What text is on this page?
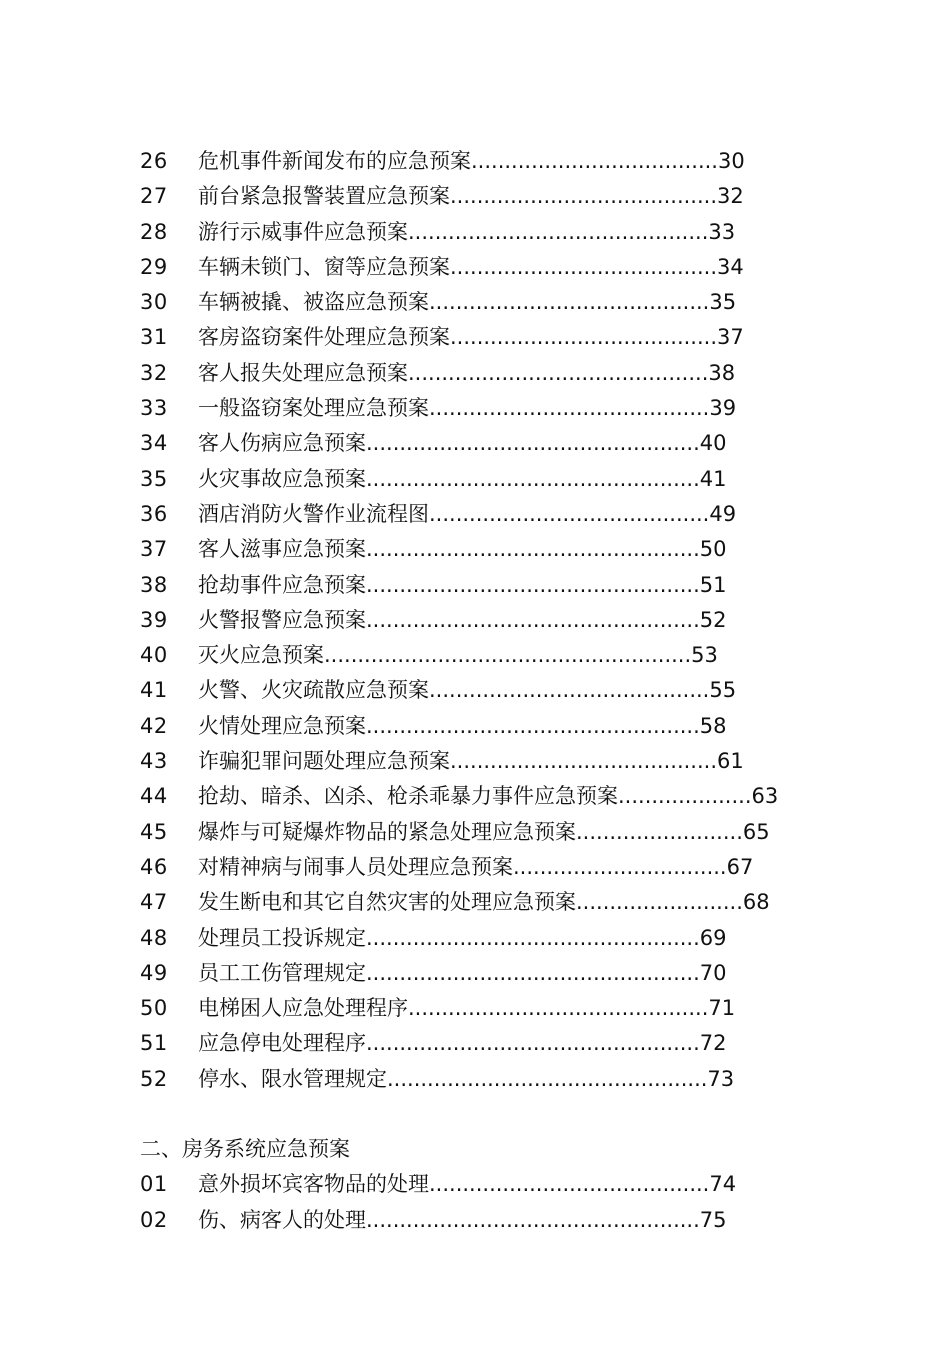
26 危机事件新闻发布的应急预案.....................................30
27 前台紧急报警装置应急预案........................................32
28 游行示威事件应急预案.............................................33
29 车辆未锁门、窗等应急预案........................................34
30 车辆被撬、被盗应急预案..........................................35
31 客房盗窃案件处理应急预案........................................37
32 客人报失处理应急预案.............................................38
33 一般盗窃案处理应急预案..........................................39
34 客人伤病应急预案..................................................40
35 火灾事故应急预案..................................................41
36 酒店消防火警作业流程图..........................................49
37 客人滋事应急预案..................................................50
38 抢劫事件应急预案..................................................51
39 火警报警应急预案..................................................52
40 灭火应急预案.......................................................53
41 火警、火灾疏散应急预案..........................................55
42 火情处理应急预案..................................................58
43 诈骗犯罪问题处理应急预案........................................61
44 抢劫、暗杀、凶杀、枪杀乖暴力事件应急预案....................63
45 爆炸与可疑爆炸物品的紧急处理应急预案.........................65
46 对精神病与闹事人员处理应急预案................................67
47 发生断电和其它自然灾害的处理应急预案.........................68
48 处理员工投诉规定..................................................69
49 员工工伤管理规定..................................................70
50 电梯困人应急处理程序.............................................71
51 应急停电处理程序..................................................72
52 停水、限水管理规定................................................73
二、房务系统应急预案
01 意外损坏宾客物品的处理..........................................74
02 伤、病客人的处理..................................................75
